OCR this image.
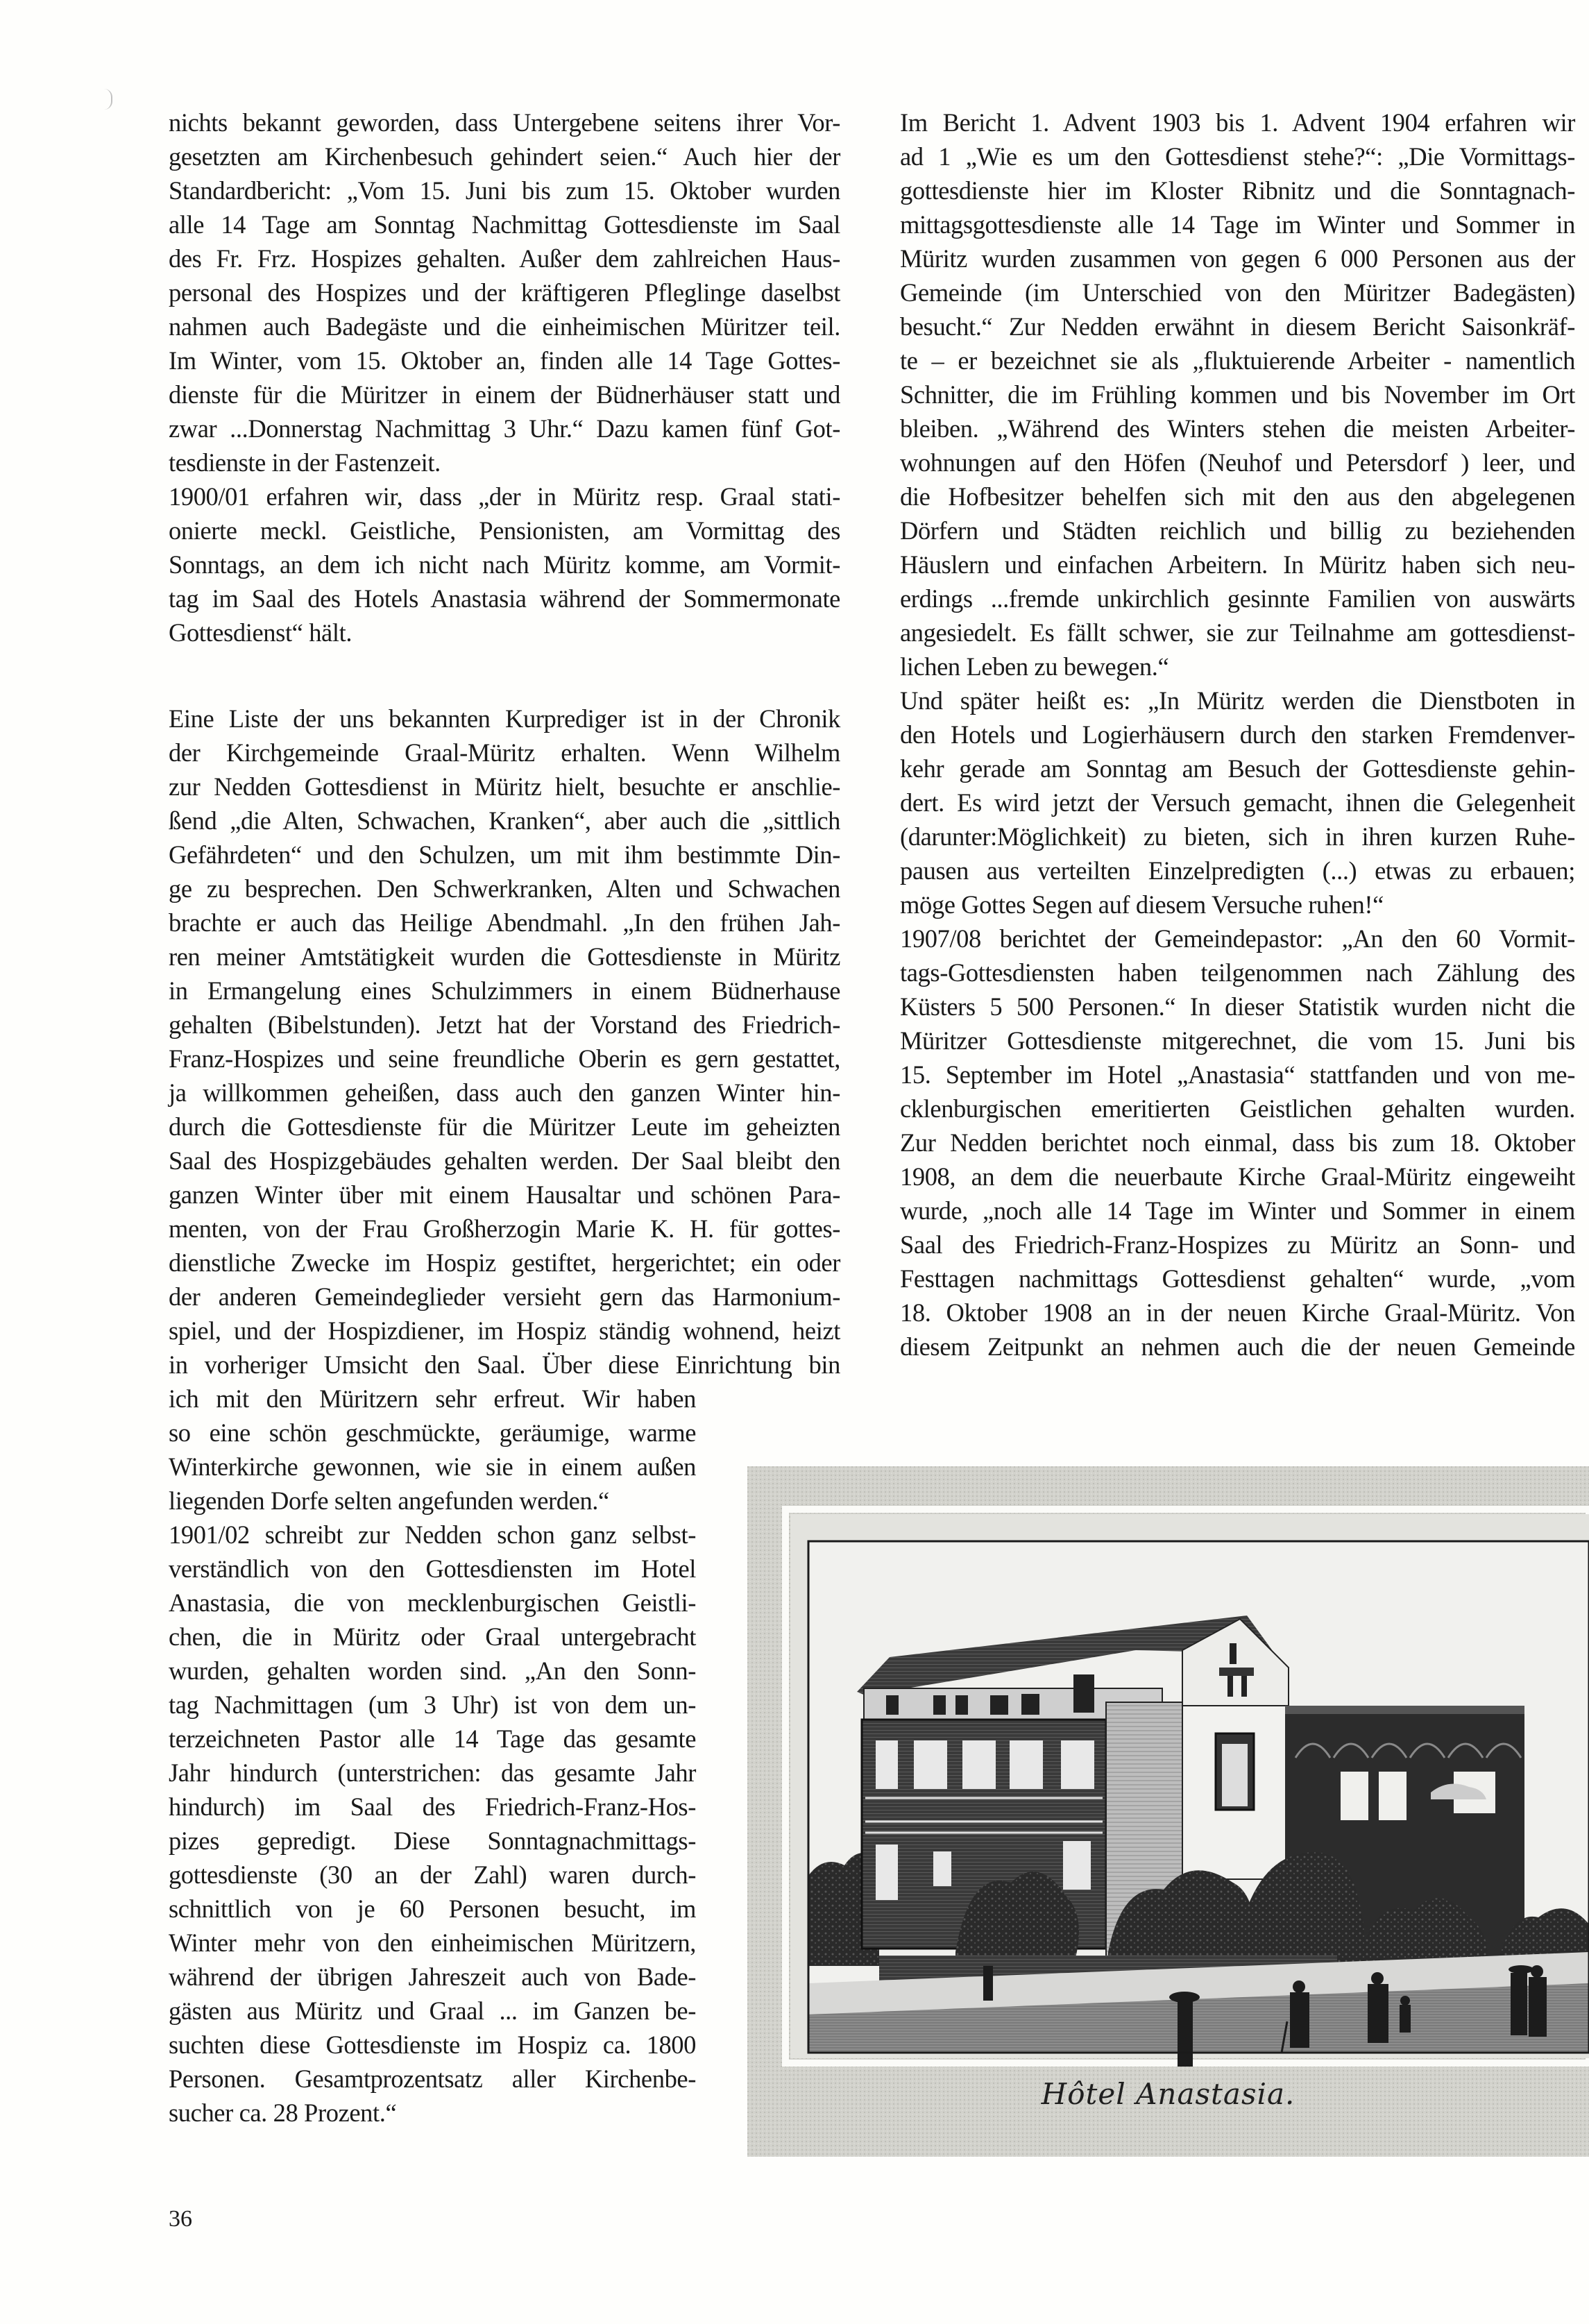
nichts bekannt geworden, dass Untergebene seitens ihrer Vor-
gesetzten am Kirchenbesuch gehindert seien.“ Auch hier der
Standardbericht: „Vom 15. Juni bis zum 15. Oktober wurden
alle 14 Tage am Sonntag Nachmittag Gottesdienste im Saal
des Fr. Frz. Hospizes gehalten. Außer dem zahlreichen Haus-
personal des Hospizes und der kräftigeren Pfleglinge daselbst
nahmen auch Badegäste und die einheimischen Müritzer teil.
Im Winter, vom 15. Oktober an, finden alle 14 Tage Gottes-
dienste für die Müritzer in einem der Büdnerhäuser statt und
zwar ...Donnerstag Nachmittag 3 Uhr.“ Dazu kamen fünf Got-
tesdienste in der Fastenzeit.
1900/01 erfahren wir, dass „der in Müritz resp. Graal stati-
onierte meckl. Geistliche, Pensionisten, am Vormittag des
Sonntags, an dem ich nicht nach Müritz komme, am Vormit-
tag im Saal des Hotels Anastasia während der Sommermonate
Gottesdienst“ hält.
Eine Liste der uns bekannten Kurprediger ist in der Chronik
der Kirchgemeinde Graal-Müritz erhalten. Wenn Wilhelm
zur Nedden Gottesdienst in Müritz hielt, besuchte er anschlie-
ßend „die Alten, Schwachen, Kranken“, aber auch die „sittlich
Gefährdeten“ und den Schulzen, um mit ihm bestimmte Din-
ge zu besprechen. Den Schwerkranken, Alten und Schwachen
brachte er auch das Heilige Abendmahl. „In den frühen Jah-
ren meiner Amtstätigkeit wurden die Gottesdienste in Müritz
in Ermangelung eines Schulzimmers in einem Büdnerhause
gehalten (Bibelstunden). Jetzt hat der Vorstand des Friedrich-
Franz-Hospizes und seine freundliche Oberin es gern gestattet,
ja willkommen geheißen, dass auch den ganzen Winter hin-
durch die Gottesdienste für die Müritzer Leute im geheizten
Saal des Hospizgebäudes gehalten werden. Der Saal bleibt den
ganzen Winter über mit einem Hausaltar und schönen Para-
menten, von der Frau Großherzogin Marie K. H. für gottes-
dienstliche Zwecke im Hospiz gestiftet, hergerichtet; ein oder
der anderen Gemeindeglieder versieht gern das Harmonium-
spiel, und der Hospizdiener, im Hospiz ständig wohnend, heizt
in vorheriger Umsicht den Saal. Über diese Einrichtung bin
ich mit den Müritzern sehr erfreut. Wir haben
so eine schön geschmückte, geräumige, warme
Winterkirche gewonnen, wie sie in einem außen
liegenden Dorfe selten angefunden werden.“
1901/02 schreibt zur Nedden schon ganz selbst-
verständlich von den Gottesdiensten im Hotel
Anastasia, die von mecklenburgischen Geistli-
chen, die in Müritz oder Graal untergebracht
wurden, gehalten worden sind. „An den Sonn-
tag Nachmittagen (um 3 Uhr) ist von dem un-
terzeichneten Pastor alle 14 Tage das gesamte
Jahr hindurch (unterstrichen: das gesamte Jahr
hindurch) im Saal des Friedrich-Franz-Hos-
pizes gepredigt. Diese Sonntagnachmittags-
gottesdienste (30 an der Zahl) waren durch-
schnittlich von je 60 Personen besucht, im
Winter mehr von den einheimischen Müritzern,
während der übrigen Jahreszeit auch von Bade-
gästen aus Müritz und Graal ... im Ganzen be-
suchten diese Gottesdienste im Hospiz ca. 1800
Personen. Gesamtprozentsatz aller Kirchenbe-
sucher ca. 28 Prozent.“
Im Bericht 1. Advent 1903 bis 1. Advent 1904 erfahren wir
ad 1 „Wie es um den Gottesdienst stehe?“: „Die Vormittags-
gottesdienste hier im Kloster Ribnitz und die Sonntagnach-
mittagsgottesdienste alle 14 Tage im Winter und Sommer in
Müritz wurden zusammen von gegen 6 000 Personen aus der
Gemeinde (im Unterschied von den Müritzer Badegästen)
besucht.“ Zur Nedden erwähnt in diesem Bericht Saisonkräf-
te – er bezeichnet sie als „fluktuierende Arbeiter - namentlich
Schnitter, die im Frühling kommen und bis November im Ort
bleiben. „Während des Winters stehen die meisten Arbeiter-
wohnungen auf den Höfen (Neuhof und Petersdorf ) leer, und
die Hofbesitzer behelfen sich mit den aus den abgelegenen
Dörfern und Städten reichlich und billig zu beziehenden
Häuslern und einfachen Arbeitern. In Müritz haben sich neu-
erdings ...fremde unkirchlich gesinnte Familien von auswärts
angesiedelt. Es fällt schwer, sie zur Teilnahme am gottesdienst-
lichen Leben zu bewegen.“
Und später heißt es: „In Müritz werden die Dienstboten in
den Hotels und Logierhäusern durch den starken Fremdenver-
kehr gerade am Sonntag am Besuch der Gottesdienste gehin-
dert. Es wird jetzt der Versuch gemacht, ihnen die Gelegenheit
(darunter:Möglichkeit) zu bieten, sich in ihren kurzen Ruhe-
pausen aus verteilten Einzelpredigten (...) etwas zu erbauen;
möge Gottes Segen auf diesem Versuche ruhen!“
1907/08 berichtet der Gemeindepastor: „An den 60 Vormit-
tags-Gottesdiensten haben teilgenommen nach Zählung des
Küsters 5 500 Personen.“ In dieser Statistik wurden nicht die
Müritzer Gottesdienste mitgerechnet, die vom 15. Juni bis
15. September im Hotel „Anastasia“ stattfanden und von me-
cklenburgischen emeritierten Geistlichen gehalten wurden.
Zur Nedden berichtet noch einmal, dass bis zum 18. Oktober
1908, an dem die neuerbaute Kirche Graal-Müritz eingeweiht
wurde, „noch alle 14 Tage im Winter und Sommer in einem
Saal des Friedrich-Franz-Hospizes zu Müritz an Sonn- und
Festtagen nachmittags Gottesdienst gehalten“ wurde, „vom
18. Oktober 1908 an in der neuen Kirche Graal-Müritz. Von
diesem Zeitpunkt an nehmen auch die der neuen Gemeinde
Hôtel Anastasia.
36
